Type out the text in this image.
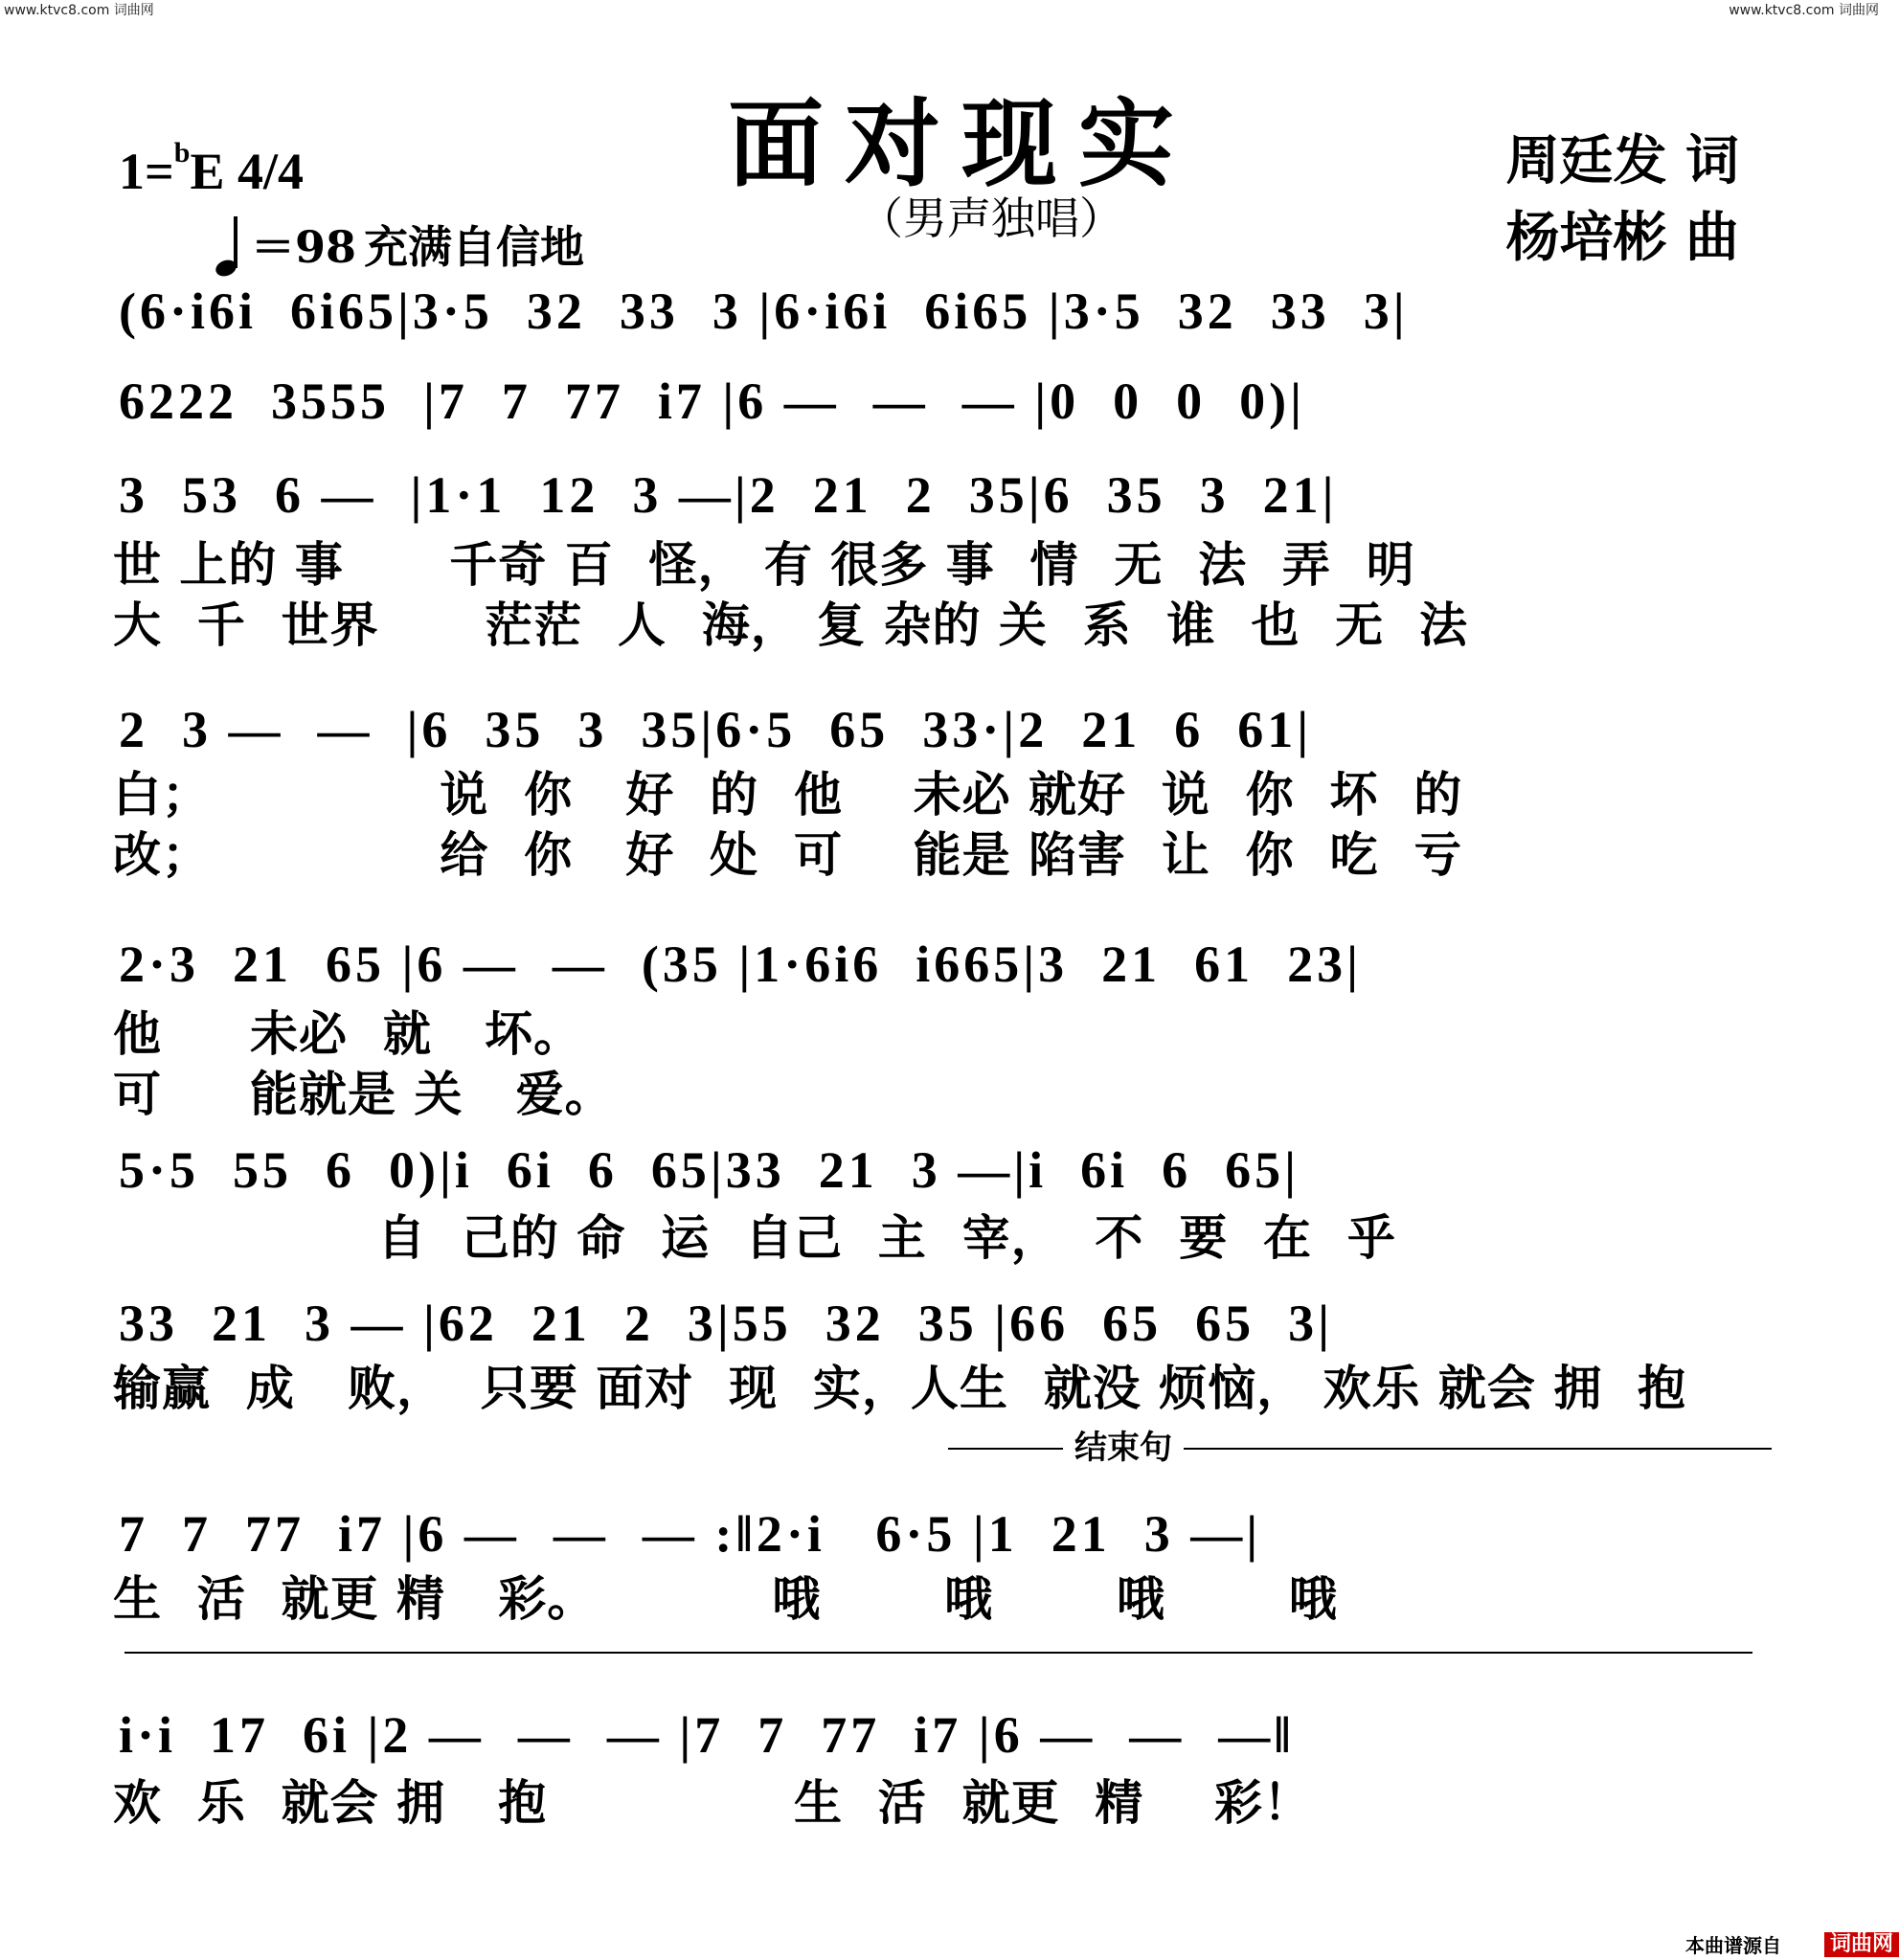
www.ktvc8.com 词曲网	www.ktvc8.com 词曲网
面对现实
（男声独唱）
1=$^b$E 4/4
＝98 充满自信地
周廷发 词
杨培彬 曲
(6·i6i  6i65|3·5  32  33  3 |6·i6i  6i65 |3·5  32  33  3|
6222  3555  |7  7  77  i7 |6 —  —  — |0  0  0  0)|
3  53  6 —  |1·1  12  3 —|2  21  2  35|6  35  3  21|
世 上的 事      千奇 百  怪， 有 很多 事  情  无  法  弄  明
大  千  世界      茫茫  人  海， 复 杂的 关  系  谁  也  无  法
2  3 —  —  |6  35  3  35|6·5  65  33·|2  21  6  61|
白；             说  你   好  的  他    未必 就好  说  你  坏  的
改；             给  你   好  处  可    能是 陷害  让  你  吃  亏
2·3  21  65 |6 —  —  (35 |1·6i6  i665|3  21  61  23|
他     未必  就   坏。
可     能就是 关   爱。
5·5  55  6  0)|i  6i  6  65|33  21  3 —|i  6i  6  65|
自  己的 命  运  自己  主  宰，  不  要  在  乎
33  21  3 — |62  21  2  3|55  32  35 |66  65  65  3|
输赢  成   败，  只要 面对  现  实，人生  就没 烦恼， 欢乐 就会 拥  抱
结束句
7  7  77  i7 |6 —  —  — :‖2·i   6·5 |1  21  3 —|
生  活  就更 精   彩。          哦       哦       哦       哦
i·i  17  6i |2 —  —  — |7  7  77  i7 |6 —  —  —‖
欢  乐  就会 拥   抱              生  活  就更  精    彩！
本曲谱源自 词曲网
